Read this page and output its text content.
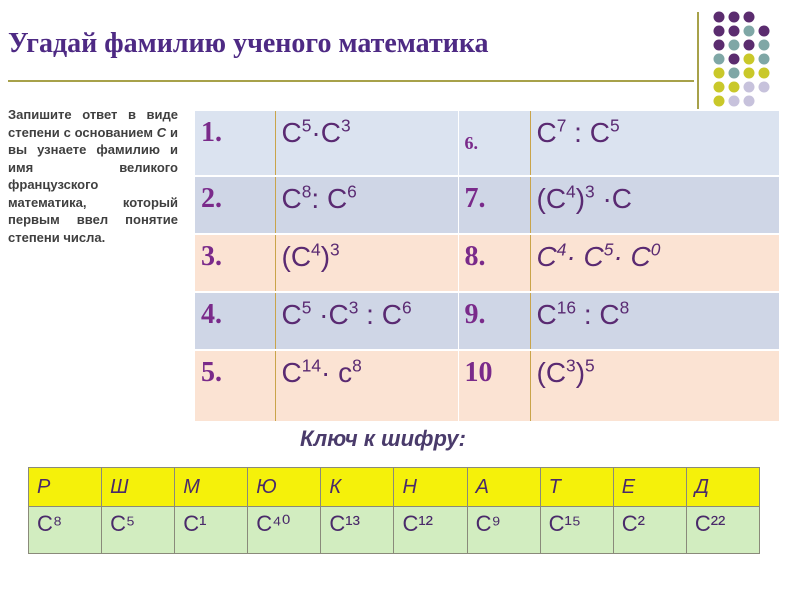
Угадай фамилию ученого математика

Запишите ответ в виде степени с основанием С и вы узнаете фамилию и имя великого французского математика, который первым ввел понятие степени числа.

1.	$C^5\cdot C^3$	6.	$C^7$ : $C^5$
2.	$C^8$: $C^6$	7.	$(C^4)^3 \cdot C$
3.	$(C^4)^3$	8.	$C^4\cdot C^5\cdot C^0$
4.	$C^5 \cdot C^3$ : $C^6$	9.	$C^{16}$ : $C^8$
5.	$C^{14}\cdot c^8$	10	$(C^3)^5$

Ключ к шифру:

Р	Ш	М	Ю	К	Н	А	Т	Е	Д
С⁸	С⁵	С¹	С⁴⁰	С¹³	С¹²	С⁹	С¹⁵	С²	С²²
